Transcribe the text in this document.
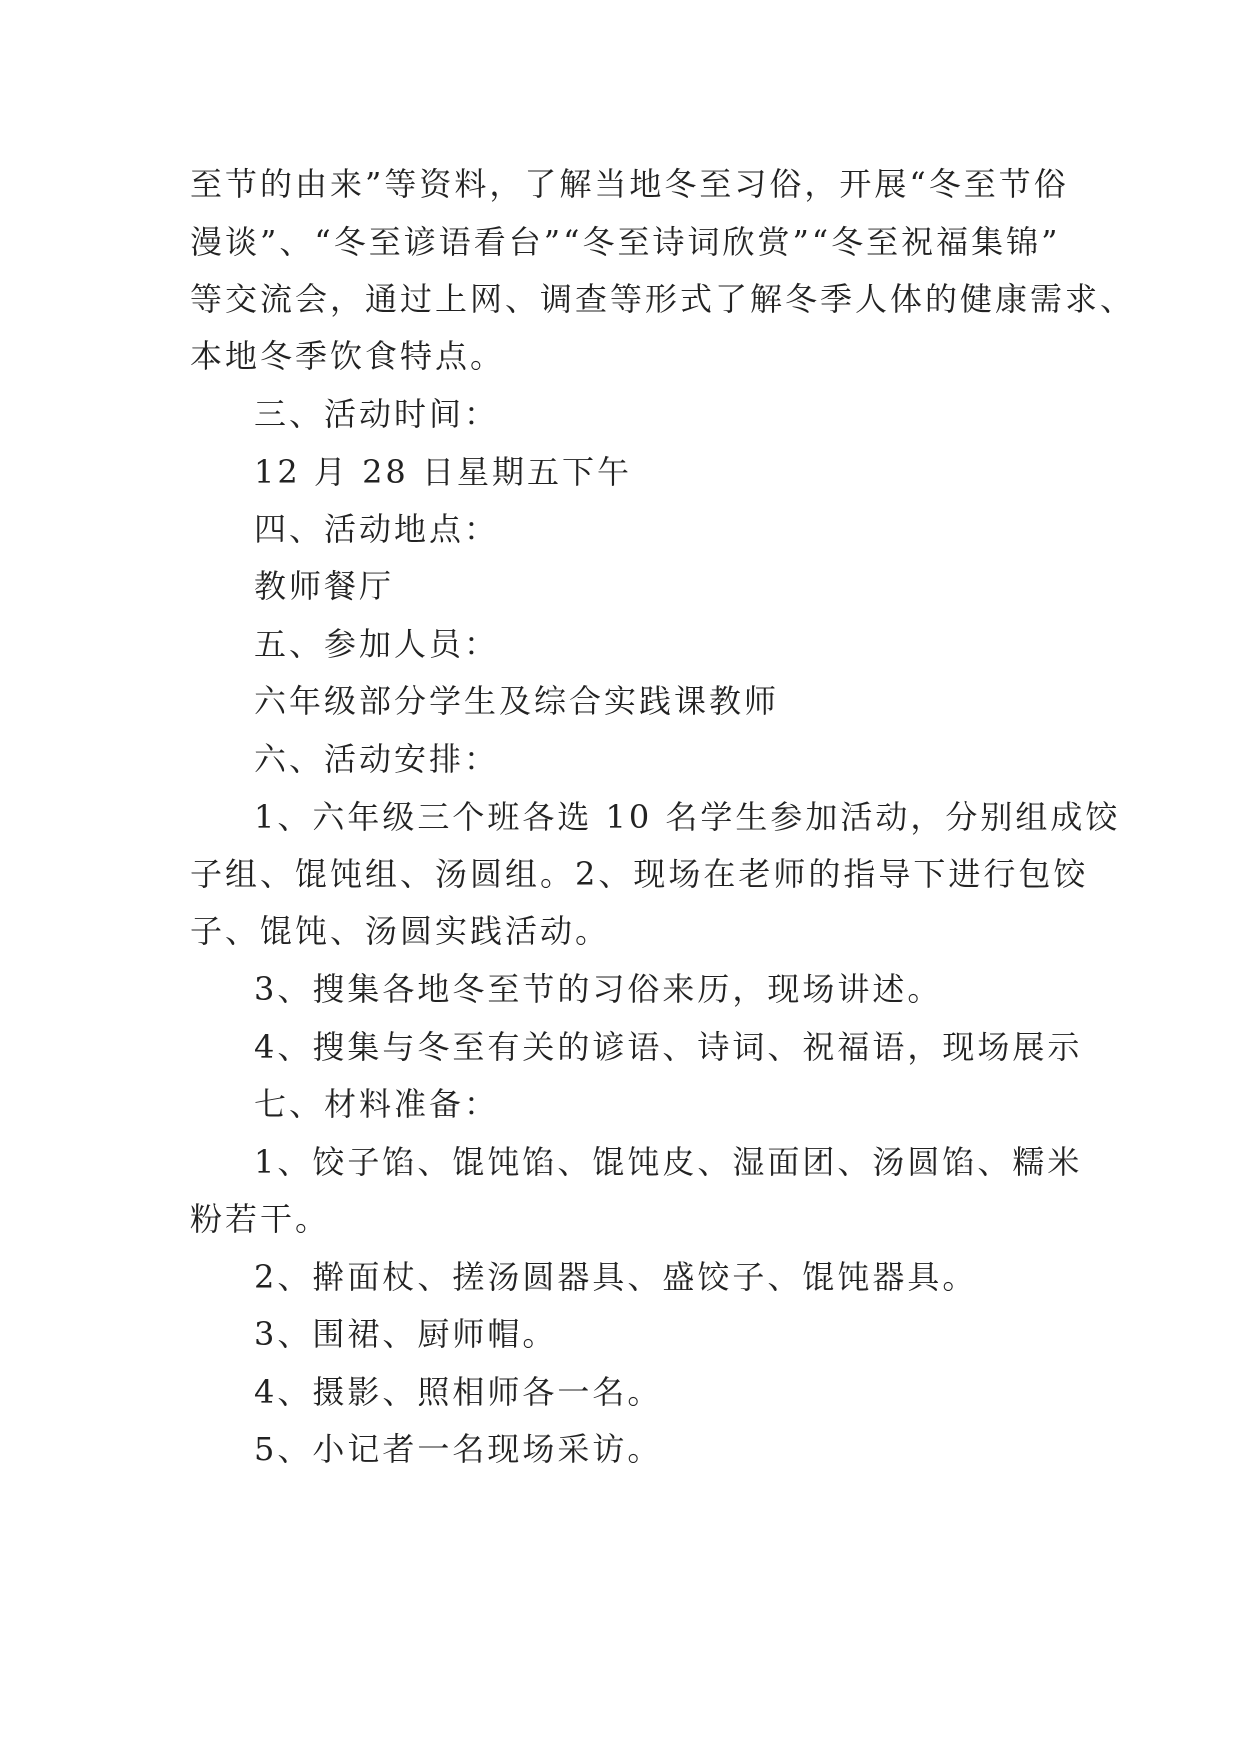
至节的由来”等资料，了解当地冬至习俗，开展“冬至节俗
漫谈”、“冬至谚语看台”“冬至诗词欣赏”“冬至祝福集锦”
等交流会，通过上网、调查等形式了解冬季人体的健康需求、
本地冬季饮食特点。
三、活动时间：
12 月 28 日星期五下午
四、活动地点：
教师餐厅
五、参加人员：
六年级部分学生及综合实践课教师
六、活动安排：
1、六年级三个班各选 10 名学生参加活动，分别组成饺
子组、馄饨组、汤圆组。2、现场在老师的指导下进行包饺
子、馄饨、汤圆实践活动。
3、搜集各地冬至节的习俗来历，现场讲述。
4、搜集与冬至有关的谚语、诗词、祝福语，现场展示
七、材料准备：
1、饺子馅、馄饨馅、馄饨皮、湿面团、汤圆馅、糯米
粉若干。
2、擀面杖、搓汤圆器具、盛饺子、馄饨器具。
3、围裙、厨师帽。
4、摄影、照相师各一名。
5、小记者一名现场采访。
